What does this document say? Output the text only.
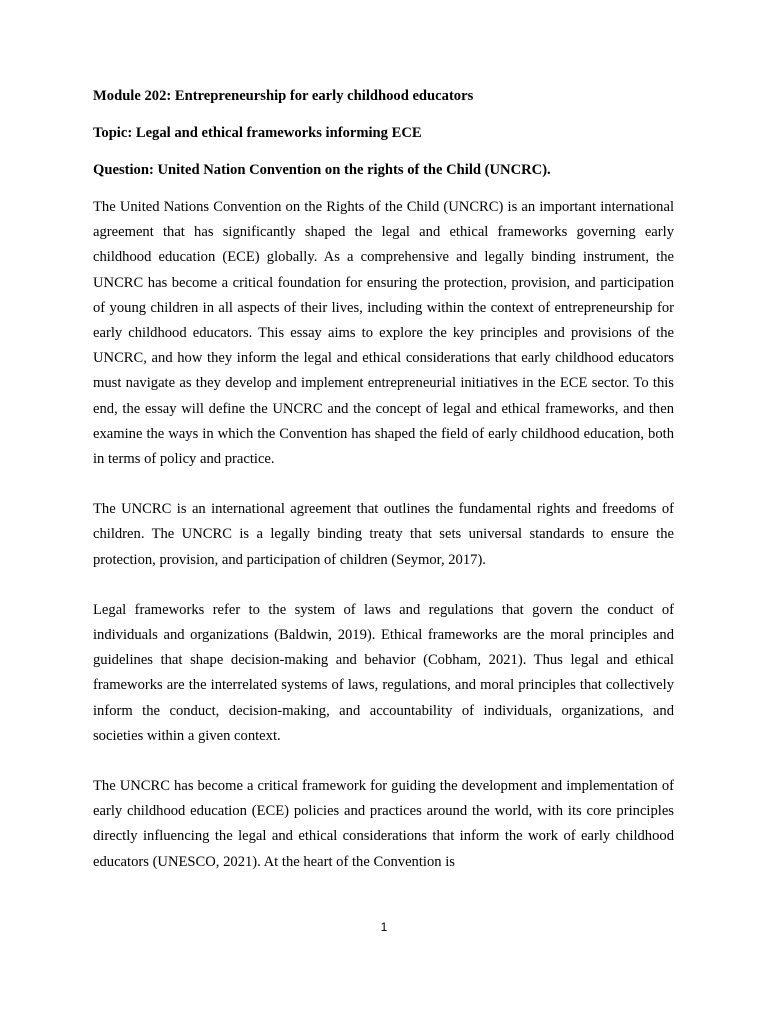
Module 202: Entrepreneurship for early childhood educators
Topic: Legal and ethical frameworks informing ECE
Question: United Nation Convention on the rights of the Child (UNCRC).

The United Nations Convention on the Rights of the Child (UNCRC) is an important international agreement that has significantly shaped the legal and ethical frameworks governing early childhood education (ECE) globally. As a comprehensive and legally binding instrument, the UNCRC has become a critical foundation for ensuring the protection, provision, and participation of young children in all aspects of their lives, including within the context of entrepreneurship for early childhood educators. This essay aims to explore the key principles and provisions of the UNCRC, and how they inform the legal and ethical considerations that early childhood educators must navigate as they develop and implement entrepreneurial initiatives in the ECE sector. To this end, the essay will define the UNCRC and the concept of legal and ethical frameworks, and then examine the ways in which the Convention has shaped the field of early childhood education, both in terms of policy and practice.

The UNCRC is an international agreement that outlines the fundamental rights and freedoms of children. The UNCRC is a legally binding treaty that sets universal standards to ensure the protection, provision, and participation of children (Seymor, 2017).

Legal frameworks refer to the system of laws and regulations that govern the conduct of individuals and organizations (Baldwin, 2019). Ethical frameworks are the moral principles and guidelines that shape decision-making and behavior (Cobham, 2021). Thus legal and ethical frameworks are the interrelated systems of laws, regulations, and moral principles that collectively inform the conduct, decision-making, and accountability of individuals, organizations, and societies within a given context.

The UNCRC has become a critical framework for guiding the development and implementation of early childhood education (ECE) policies and practices around the world, with its core principles directly influencing the legal and ethical considerations that inform the work of early childhood educators (UNESCO, 2021). At the heart of the Convention is

1
